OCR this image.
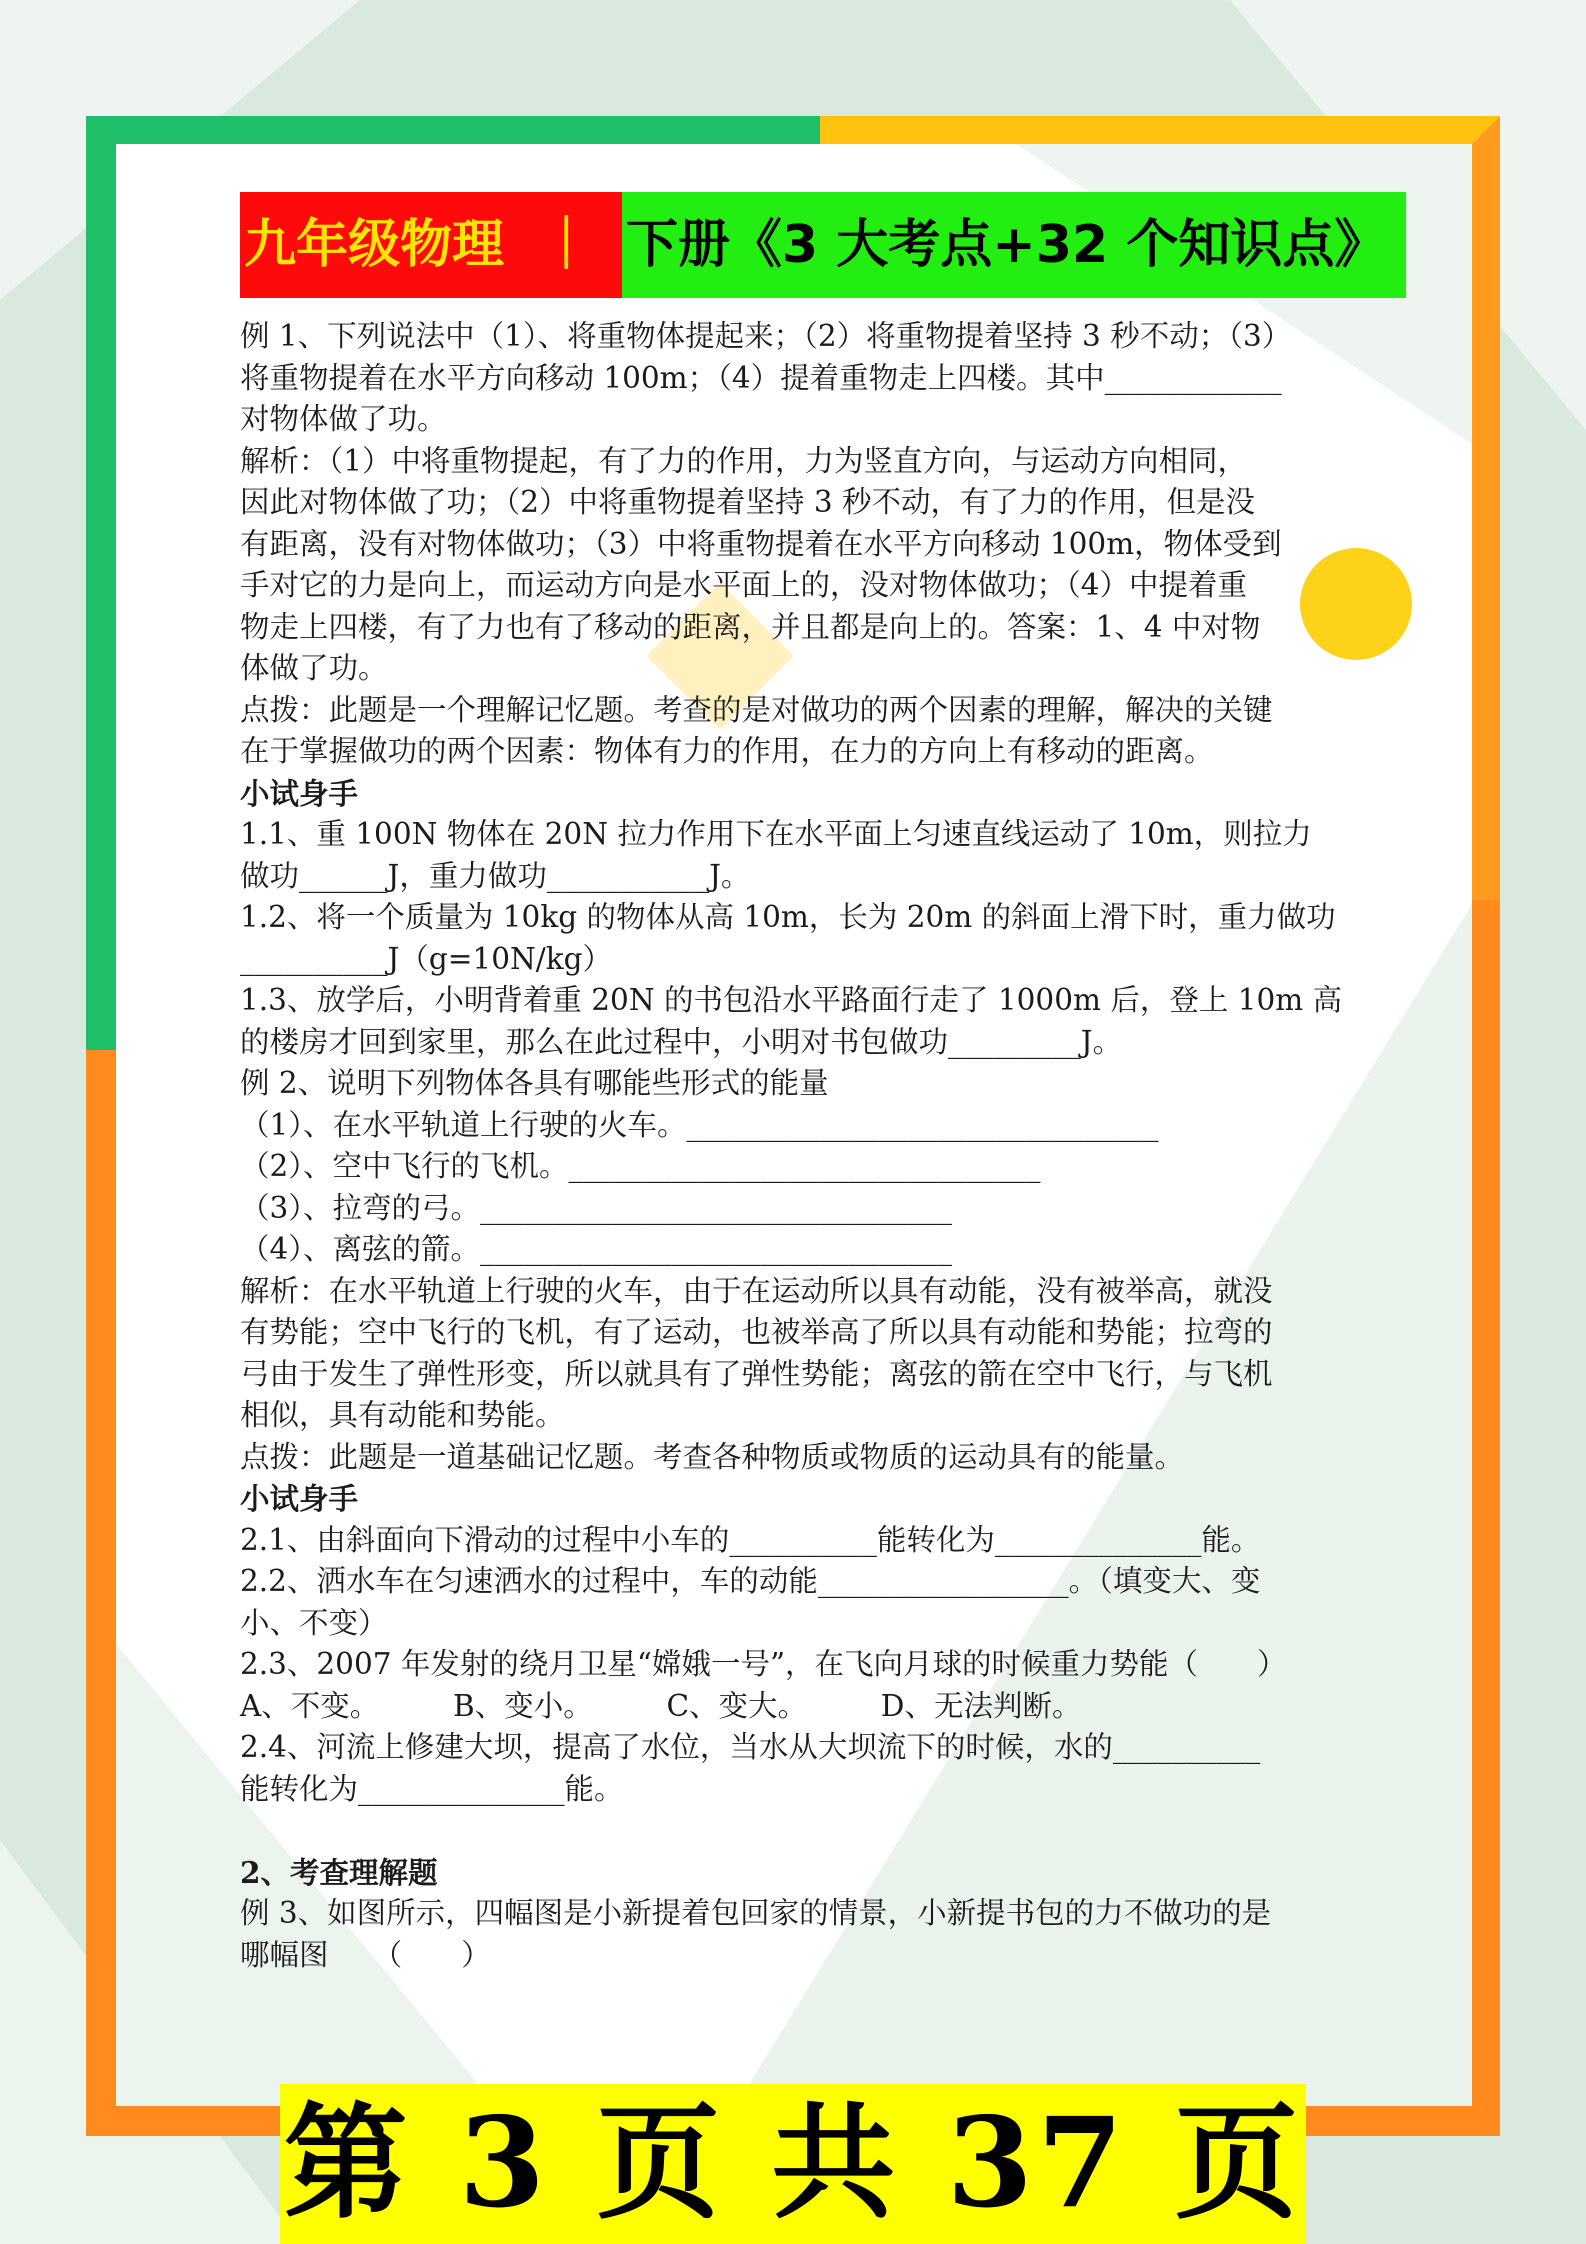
九年级物理  ｜ 下册《3 大考点+32 个知识点》

例 1、下列说法中（1）、将重物体提起来；（2）将重物提着坚持 3 秒不动；（3）

将重物提着在水平方向移动 100m；（4）提着重物走上四楼。其中____________

对物体做了功。

解析：（1）中将重物提起，有了力的作用，力为竖直方向，与运动方向相同，

因此对物体做了功；（2）中将重物提着坚持 3 秒不动，有了力的作用，但是没

有距离，没有对物体做功；（3）中将重物提着在水平方向移动 100m，物体受到

手对它的力是向上，而运动方向是水平面上的，没对物体做功；（4）中提着重

物走上四楼，有了力也有了移动的距离，并且都是向上的。答案：1、4 中对物

体做了功。

点拨：此题是一个理解记忆题。考查的是对做功的两个因素的理解，解决的关键

在于掌握做功的两个因素：物体有力的作用，在力的方向上有移动的距离。

小试身手

1.1、重 100N 物体在 20N 拉力作用下在水平面上匀速直线运动了 10m，则拉力

做功______J，重力做功___________J。

1.2、将一个质量为 10kg 的物体从高 10m，长为 20m 的斜面上滑下时，重力做功

__________J（g=10N/kg）

1.3、放学后，小明背着重 20N 的书包沿水平路面行走了 1000m 后，登上 10m 高

的楼房才回到家里，那么在此过程中，小明对书包做功_________J。

例 2、说明下列物体各具有哪能些形式的能量

（1）、在水平轨道上行驶的火车。________________________________

（2）、空中飞行的飞机。________________________________

（3）、拉弯的弓。________________________________

（4）、离弦的箭。________________________________

解析：在水平轨道上行驶的火车，由于在运动所以具有动能，没有被举高，就没

有势能；空中飞行的飞机，有了运动，也被举高了所以具有动能和势能；拉弯的

弓由于发生了弹性形变，所以就具有了弹性势能；离弦的箭在空中飞行，与飞机

相似，具有动能和势能。

点拨：此题是一道基础记忆题。考查各种物质或物质的运动具有的能量。

小试身手

2.1、由斜面向下滑动的过程中小车的__________能转化为______________能。

2.2、洒水车在匀速洒水的过程中，车的动能_________________。（填变大、变

小、不变）

2.3、2007 年发射的绕月卫星“嫦娥一号”，在飞向月球的时候重力势能（　　）

A、不变。　　　B、变小。　　　C、变大。　　　D、无法判断。

2.4、河流上修建大坝，提高了水位，当水从大坝流下的时候，水的__________

能转化为______________能。

2、考查理解题

例 3、如图所示，四幅图是小新提着包回家的情景，小新提书包的力不做功的是

哪幅图　　（　　）

第 3 页 共 37 页
